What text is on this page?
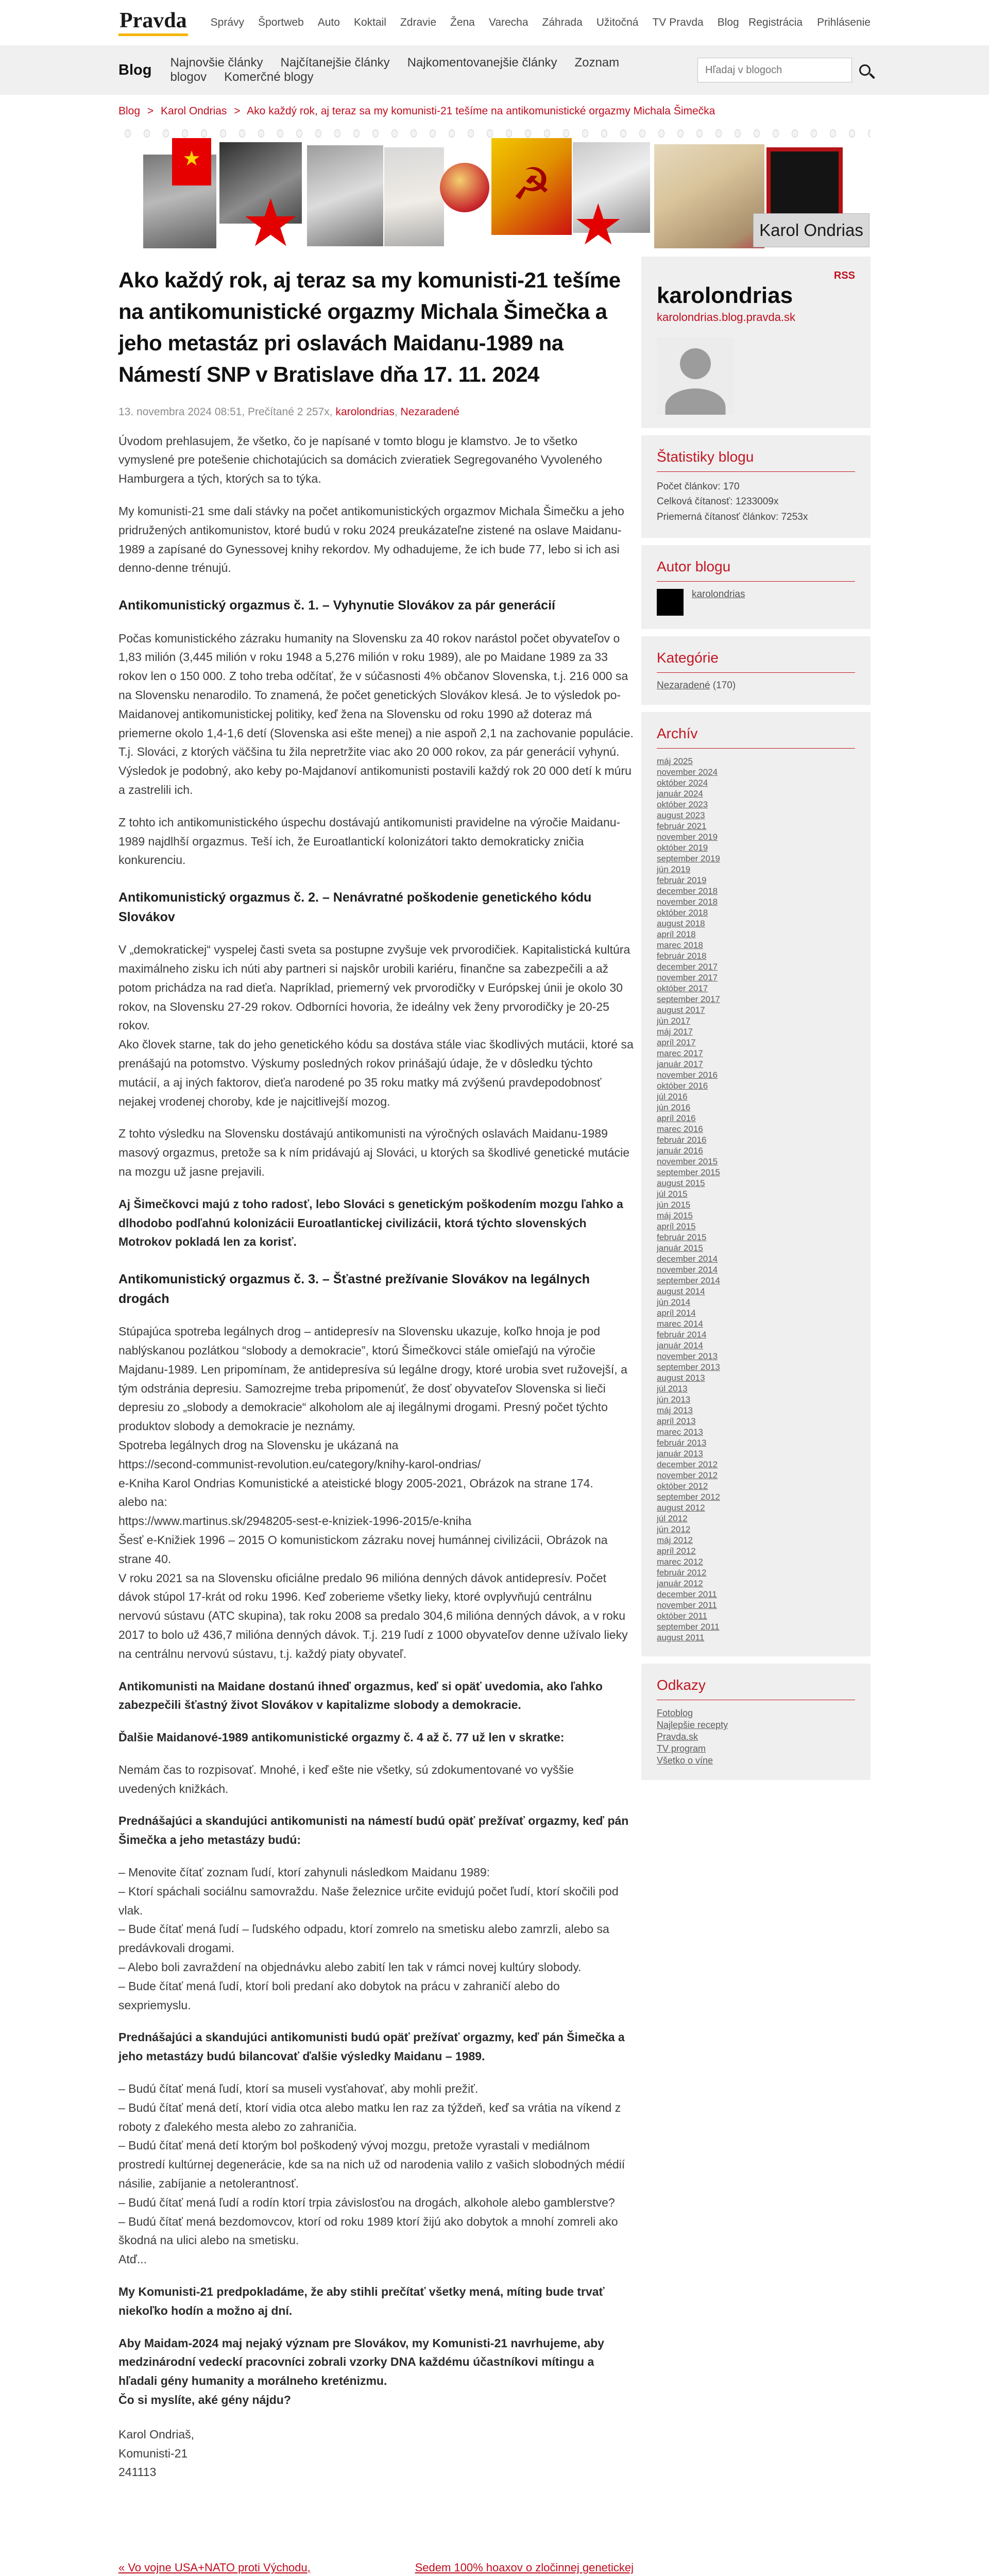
Pravda Správy Športweb Auto Koktail Zdravie Žena Varecha Záhrada Užitočná TV Pravda Blog Registrácia Prihlásenie
Blog Najnovšie články Najčítanejšie články Najkomentovanejšie články Zoznam blogov Komerčné blogy
Hľadaj v blogoch
Blog > Karol Ondrias > Ako každý rok, aj teraz sa my komunisti-21 tešíme na antikomunistické orgazmy Michala Šimečka
★
★
☭
★	Karol Ondrias
Ako každý rok, aj teraz sa my komunisti-21 tešíme na antikomunistické orgazmy Michala Šimečka a jeho metastáz pri oslavách Maidanu-1989 na Námestí SNP v Bratislave dňa 17. 11. 2024
13. novembra 2024 08:51, Prečítané 2 257x, karolondrias, Nezaradené
Úvodom prehlasujem, že všetko, čo je napísané v tomto blogu je klamstvo. Je to všetko vymyslené pre potešenie chichotajúcich sa domácich zvieratiek Segregovaného Vyvoleného Hamburgera a tých, ktorých sa to týka.
My komunisti-21 sme dali stávky na počet antikomunistických orgazmov Michala Šimečku a jeho pridružených antikomunistov, ktoré budú v roku 2024 preukázateľne zistené na oslave Maidanu-1989 a zapísané do Gynessovej knihy rekordov. My odhadujeme, že ich bude 77, lebo si ich asi denno-denne trénujú.
Antikomunistický orgazmus č. 1. – Vyhynutie Slovákov za pár generácií
Počas komunistického zázraku humanity na Slovensku za 40 rokov narástol počet obyvateľov o 1,83 milión (3,445 milión v roku 1948 a 5,276 milión v roku 1989), ale po Maidane 1989 za 33 rokov len o 150 000. Z toho treba odčítať, že v súčasnosti 4% občanov Slovenska, t.j. 216 000 sa na Slovensku nenarodilo. To znamená, že počet genetických Slovákov klesá. Je to výsledok po-Maidanovej antikomunistickej politiky, keď žena na Slovensku od roku 1990 až doteraz má priemerne okolo 1,4-1,6 detí (Slovenska asi ešte menej) a nie aspoň 2,1 na zachovanie populácie. T.j. Slováci, z ktorých väčšina tu žila nepretržite viac ako 20 000 rokov, za pár generácií vyhynú. Výsledok je podobný, ako keby po-Majdanoví antikomunisti postavili každý rok 20 000 detí k múru a zastrelili ich.
Z tohto ich antikomunistického úspechu dostávajú antikomunisti pravidelne na výročie Maidanu-1989 najdlhší orgazmus. Teší ich, že Euroatlantickí kolonizátori takto demokraticky zničia konkurenciu.
Antikomunistický orgazmus č. 2. – Nenávratné poškodenie genetického kódu Slovákov
V „demokratickej“ vyspelej časti sveta sa postupne zvyšuje vek prvorodičiek. Kapitalistická kultúra maximálneho zisku ich núti aby partneri si najskôr urobili kariéru, finančne sa zabezpečili a až potom prichádza na rad dieťa. Napríklad, priemerný vek prvorodičky v Európskej únii je okolo 30 rokov, na Slovensku 27-29 rokov. Odborníci hovoria, že ideálny vek ženy prvorodičky je 20-25 rokov.
Ako človek starne, tak do jeho genetického kódu sa dostáva stále viac škodlivých mutácii, ktoré sa prenášajú na potomstvo. Výskumy posledných rokov prinášajú údaje, že v dôsledku týchto mutácií, a aj iných faktorov, dieťa narodené po 35 roku matky má zvýšenú pravdepodobnosť nejakej vrodenej choroby, kde je najcitlivejší mozog.
Z tohto výsledku na Slovensku dostávajú antikomunisti na výročných oslavách Maidanu-1989 masový orgazmus, pretože sa k ním pridávajú aj Slováci, u ktorých sa škodlivé genetické mutácie na mozgu už jasne prejavili.
Aj Šimečkovci majú z toho radosť, lebo Slováci s genetickým poškodením mozgu ľahko a dlhodobo podľahnú kolonizácii Euroatlantickej civilizácii, ktorá týchto slovenských Motrokov pokladá len za korisť.
Antikomunistický orgazmus č. 3. – Šťastné prežívanie Slovákov na legálnych drogách
Stúpajúca spotreba legálnych drog – antidepresív na Slovensku ukazuje, koľko hnoja je pod nablýskanou pozlátkou “slobody a demokracie”, ktorú Šimečkovci stále omieľajú na výročie Majdanu-1989. Len pripomínam, že antidepresíva sú legálne drogy, ktoré urobia svet ružovejší, a tým odstránia depresiu. Samozrejme treba pripomenúť, že dosť obyvateľov Slovenska si lieči depresiu zo „slobody a demokracie“ alkoholom ale aj ilegálnymi drogami. Presný počet týchto produktov slobody a demokracie je neznámy.
Spotreba legálnych drog na Slovensku je ukázaná na
https://second-communist-revolution.eu/category/knihy-karol-ondrias/
e-Kniha Karol Ondrias Komunistické a ateistické blogy 2005-2021, Obrázok na strane 174.
alebo na:
https://www.martinus.sk/2948205-sest-e-kniziek-1996-2015/e-kniha
Šesť e-Knižiek 1996 – 2015 O komunistickom zázraku novej humánnej civilizácii, Obrázok na strane 40.
V roku 2021 sa na Slovensku oficiálne predalo 96 milióna denných dávok antidepresív. Počet dávok stúpol 17-krát od roku 1996. Keď zoberieme všetky lieky, ktoré ovplyvňujú centrálnu nervovú sústavu (ATC skupina), tak roku 2008 sa predalo 304,6 milióna denných dávok, a v roku 2017 to bolo už 436,7 milióna denných dávok. T.j. 219 ľudí z 1000 obyvateľov denne užívalo lieky na centrálnu nervovú sústavu, t.j. každý piaty obyvateľ.
Antikomunisti na Maidane dostanú ihneď orgazmus, keď si opäť uvedomia, ako ľahko zabezpečili šťastný život Slovákov v kapitalizme slobody a demokracie.
Ďalšie Maidanové-1989 antikomunistické orgazmy č. 4 až č. 77 už len v skratke:
Nemám čas to rozpisovať. Mnohé, i keď ešte nie všetky, sú zdokumentované vo vyššie uvedených knižkách.
Prednášajúci a skandujúci antikomunisti na námestí budú opäť prežívať orgazmy, keď pán Šimečka a jeho metastázy budú:
– Menovite čítať zoznam ľudí, ktorí zahynuli následkom Maidanu 1989:
– Ktorí spáchali sociálnu samovraždu. Naše železnice určite evidujú počet ľudí, ktorí skočili pod vlak.
– Bude čítať mená ľudí – ľudského odpadu, ktorí zomrelo na smetisku alebo zamrzli, alebo sa predávkovali drogami.
– Alebo boli zavraždení na objednávku alebo zabití len tak v rámci novej kultúry slobody.
– Bude čítať mená ľudí, ktorí boli predaní ako dobytok na prácu v zahraničí alebo do sexpriemyslu.
Prednášajúci a skandujúci antikomunisti budú opäť prežívať orgazmy, keď pán Šimečka a jeho metastázy budú bilancovať ďalšie výsledky Maidanu – 1989.
– Budú čítať mená ľudí, ktorí sa museli vysťahovať, aby mohli prežiť.
– Budú čítať mená detí, ktorí vidia otca alebo matku len raz za týždeň, keď sa vrátia na víkend z roboty z ďalekého mesta alebo zo zahraničia.
– Budú čítať mená detí ktorým bol poškodený vývoj mozgu, pretože vyrastali v mediálnom prostredí kultúrnej degenerácie, kde sa na nich už od narodenia valilo z vašich slobodných médií násilie, zabíjanie a netolerantnosť.
– Budú čítať mená ľudí a rodín ktorí trpia závislosťou na drogách, alkohole alebo gamblerstve?
– Budú čítať mená bezdomovcov, ktorí od roku 1989 ktorí žijú ako dobytok a mnohí zomreli ako škodná na ulici alebo na smetisku.
Atď...
My Komunisti-21 predpokladáme, že aby stihli prečítať všetky mená, míting bude trvať niekoľko hodín a možno aj dní.
Aby Maidam-2024 maj nejaký význam pre Slovákov, my Komunisti-21 navrhujeme, aby medzinárodní vedeckí pracovníci zobrali vzorky DNA každému účastníkovi mítingu a hľadali gény humanity a morálneho kreténizmu.
Čo si myslíte, aké gény nájdu?
Karol Ondriaš,
Komunisti-21
241113
« Vo vojne USA+NATO proti Východu,	Sedem 100% hoaxov o zločinnej genetickej
RSS
karolondrias
karolondrias.blog.pravda.sk
Štatistiky blogu
Počet článkov: 170
Celková čítanosť: 1233009x
Priemerná čítanosť článkov: 7253x
Autor blogu
karolondrias
Kategórie
Nezaradené (170)
Archív
máj 2025
november 2024
október 2024
január 2024
október 2023
august 2023
február 2021
november 2019
október 2019
september 2019
jún 2019
február 2019
december 2018
november 2018
október 2018
august 2018
apríl 2018
marec 2018
február 2018
december 2017
november 2017
október 2017
september 2017
august 2017
jún 2017
máj 2017
apríl 2017
marec 2017
január 2017
november 2016
október 2016
júl 2016
jún 2016
apríl 2016
marec 2016
február 2016
január 2016
november 2015
september 2015
august 2015
júl 2015
jún 2015
máj 2015
apríl 2015
február 2015
január 2015
december 2014
november 2014
september 2014
august 2014
jún 2014
apríl 2014
marec 2014
február 2014
január 2014
november 2013
september 2013
august 2013
júl 2013
jún 2013
máj 2013
apríl 2013
marec 2013
február 2013
január 2013
december 2012
november 2012
október 2012
september 2012
august 2012
júl 2012
jún 2012
máj 2012
apríl 2012
marec 2012
február 2012
január 2012
december 2011
november 2011
október 2011
september 2011
august 2011
Odkazy
Fotoblog
Najlepšie recepty
Pravda.sk
TV program
Všetko o víne
